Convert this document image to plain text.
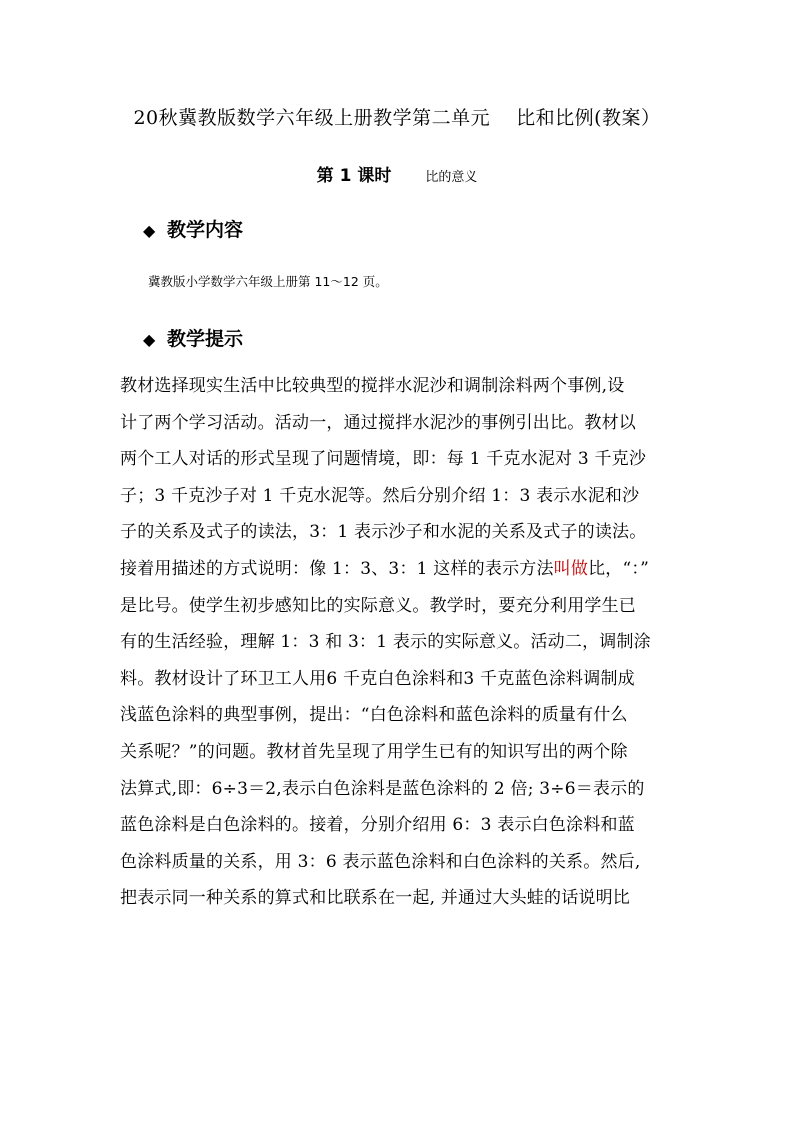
20秋冀教版数学六年级上册教学第二单元 比和比例(教案）
第 1 课时	比的意义
◆ 教学内容
冀教版小学数学六年级上册第 11～12 页。
◆ 教学提示
教材选择现实生活中比较典型的搅拌水泥沙和调制涂料两个事例,设
计了两个学习活动。活动一，通过搅拌水泥沙的事例引出比。教材以
两个工人对话的形式呈现了问题情境，即：每 1 千克水泥对 3 千克沙
子；3 千克沙子对 1 千克水泥等。然后分别介绍 1：3 表示水泥和沙
子的关系及式子的读法，3：1 表示沙子和水泥的关系及式子的读法。
接着用描述的方式说明：像 1：3、3：1 这样的表示方法叫做比，“：”
是比号。使学生初步感知比的实际意义。教学时，要充分利用学生已
有的生活经验，理解 1：3 和 3：1 表示的实际意义。活动二，调制涂
料。教材设计了环卫工人用6 千克白色涂料和3 千克蓝色涂料调制成
浅蓝色涂料的典型事例，提出：“白色涂料和蓝色涂料的质量有什么
关系呢？”的问题。教材首先呈现了用学生已有的知识写出的两个除
法算式,即：6÷3＝2,表示白色涂料是蓝色涂料的 2 倍; 3÷6＝表示的
蓝色涂料是白色涂料的。接着，分别介绍用 6：3 表示白色涂料和蓝
色涂料质量的关系，用 3：6 表示蓝色涂料和白色涂料的关系。然后,
把表示同一种关系的算式和比联系在一起, 并通过大头蛙的话说明比
